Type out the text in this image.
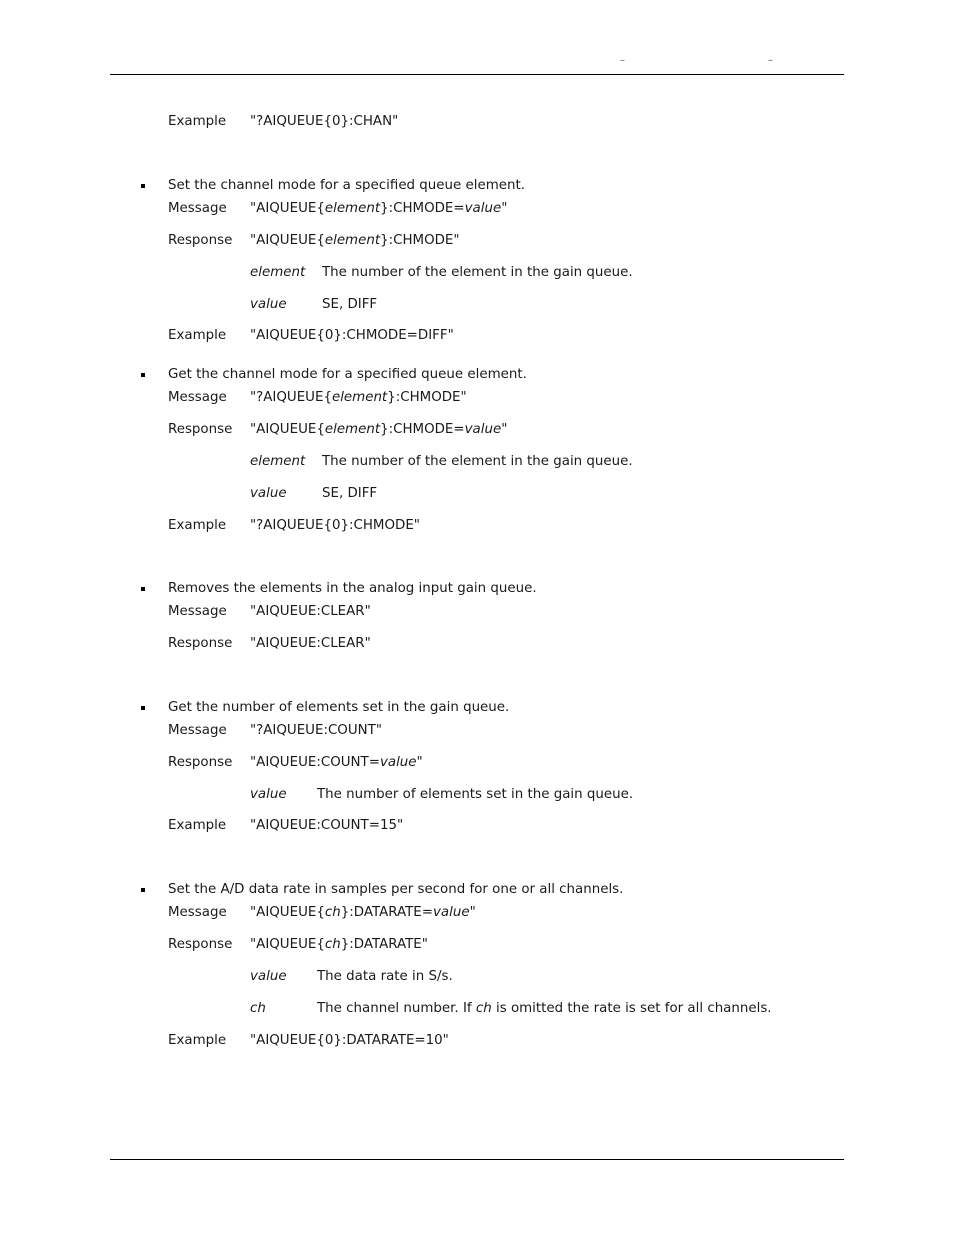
–	–
Example "?AIQUEUE{0}:CHAN"
Set the channel mode for a specified queue element.
Message "AIQUEUE{element}:CHMODE=value"
Response "AIQUEUE{element}:CHMODE"
element The number of the element in the gain queue.
value	SE, DIFF
Example "AIQUEUE{0}:CHMODE=DIFF"
Get the channel mode for a specified queue element.
Message "?AIQUEUE{element}:CHMODE"
Response "AIQUEUE{element}:CHMODE=value"
element The number of the element in the gain queue.
value	SE, DIFF
Example "?AIQUEUE{0}:CHMODE"
Removes the elements in the analog input gain queue.
Message "AIQUEUE:CLEAR"
Response "AIQUEUE:CLEAR"
Get the number of elements set in the gain queue.
Message "?AIQUEUE:COUNT"
Response "AIQUEUE:COUNT=value"
value The number of elements set in the gain queue.
Example "AIQUEUE:COUNT=15"
Set the A/D data rate in samples per second for one or all channels.
Message "AIQUEUE{ch}:DATARATE=value"
Response "AIQUEUE{ch}:DATARATE"
value The data rate in S/s.
ch	The channel number. If ch is omitted the rate is set for all channels.
Example "AIQUEUE{0}:DATARATE=10"
